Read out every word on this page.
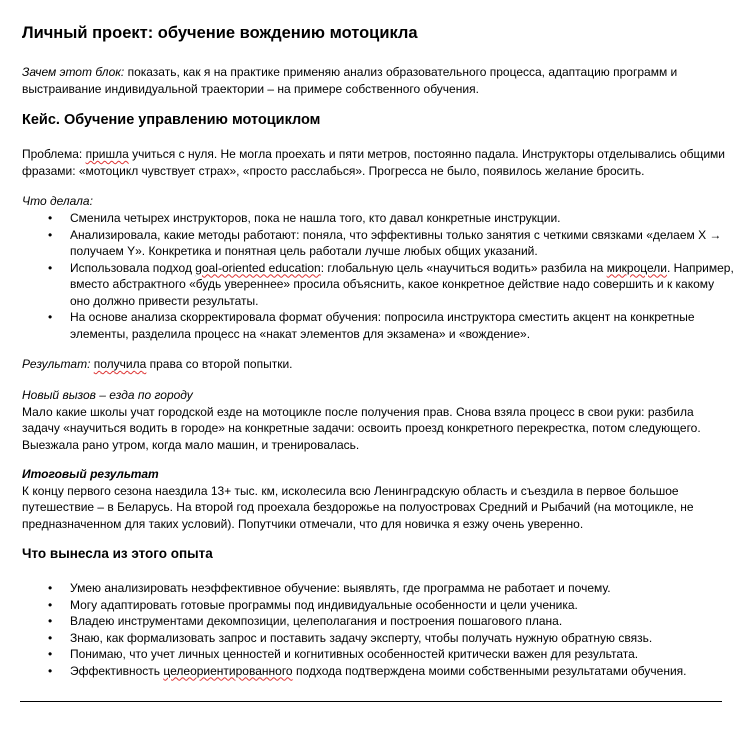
Личный проект: обучение вождению мотоцикла

Зачем этот блок: показать, как я на практике применяю анализ образовательного процесса, адаптацию программ и выстраивание индивидуальной траектории – на примере собственного обучения.

Кейс. Обучение управлению мотоциклом

Проблема: пришла учиться с нуля. Не могла проехать и пяти метров, постоянно падала. Инструкторы отделывались общими фразами: «мотоцикл чувствует страх», «просто расслабься». Прогресса не было, появилось желание бросить.

Что делала:

• Сменила четырех инструкторов, пока не нашла того, кто давал конкретные инструкции.
• Анализировала, какие методы работают: поняла, что эффективны только занятия с четкими связками «делаем X → получаем Y». Конкретика и понятная цель работали лучше любых общих указаний.
• Использовала подход goal-oriented education: глобальную цель «научиться водить» разбила на микроцели. Например, вместо абстрактного «будь увереннее» просила объяснить, какое конкретное действие надо совершить и к какому оно должно привести результаты.
• На основе анализа скорректировала формат обучения: попросила инструктора сместить акцент на конкретные элементы, разделила процесс на «накат элементов для экзамена» и «вождение».

Результат: получила права со второй попытки.

Новый вызов – езда по городу
Мало какие школы учат городской езде на мотоцикле после получения прав. Снова взяла процесс в свои руки: разбила задачу «научиться водить в городе» на конкретные задачи: освоить проезд конкретного перекрестка, потом следующего. Выезжала рано утром, когда мало машин, и тренировалась.

Итоговый результат
К концу первого сезона наездила 13+ тыс. км, исколесила всю Ленинградскую область и съездила в первое большое путешествие – в Беларусь. На второй год проехала бездорожье на полуостровах Средний и Рыбачий (на мотоцикле, не предназначенном для таких условий). Попутчики отмечали, что для новичка я езжу очень уверенно.

Что вынесла из этого опыта
• Умею анализировать неэффективное обучение: выявлять, где программа не работает и почему.
• Могу адаптировать готовые программы под индивидуальные особенности и цели ученика.
• Владею инструментами декомпозиции, целеполагания и построения пошагового плана.
• Знаю, как формализовать запрос и поставить задачу эксперту, чтобы получать нужную обратную связь.
• Понимаю, что учет личных ценностей и когнитивных особенностей критически важен для результата.
• Эффективность целеориентированного подхода подтверждена моими собственными результатами обучения.
